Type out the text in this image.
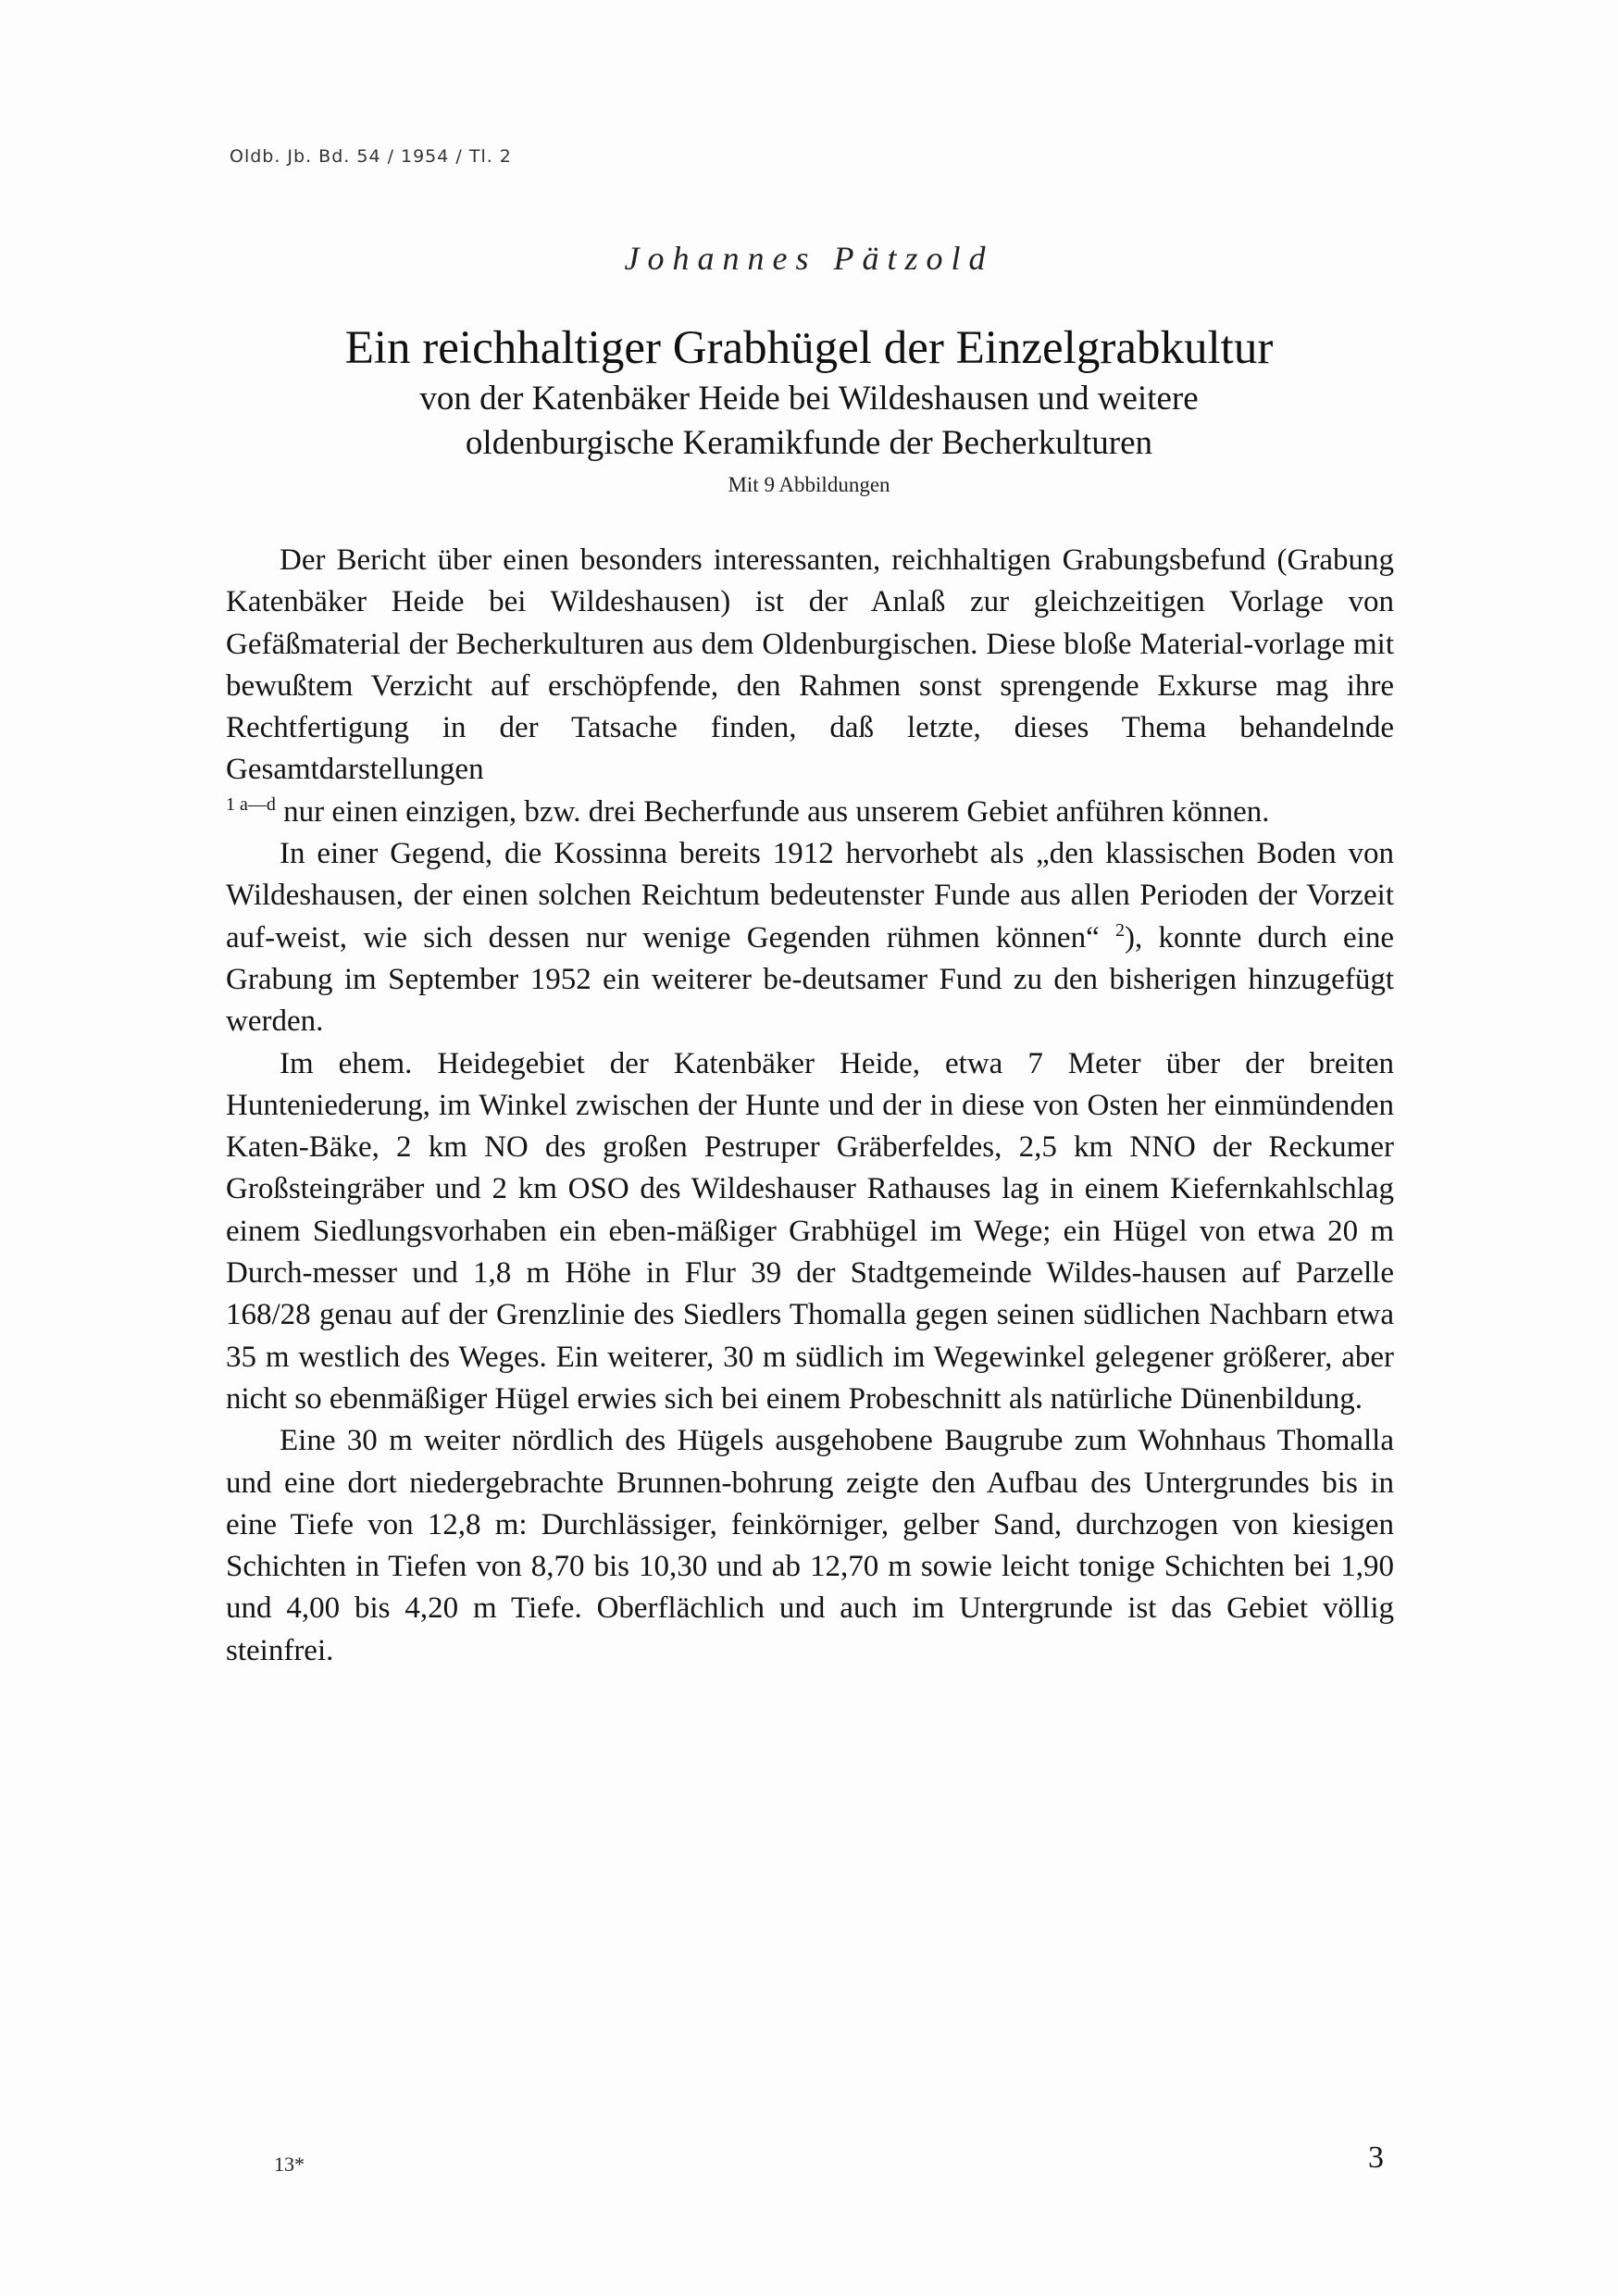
Oldb. Jb. Bd. 54 / 1954 / Tl. 2
Johannes Pätzold
Ein reichhaltiger Grabhügel der Einzelgrabkultur
von der Katenbäker Heide bei Wildeshausen und weitere
oldenburgische Keramikfunde der Becherkulturen
Mit 9 Abbildungen

Der Bericht über einen besonders interessanten, reichhaltigen Grabungsbefund (Grabung Katenbäker Heide bei Wildeshausen) ist der Anlaß zur gleichzeitigen Vorlage von Gefäßmaterial der Becherkulturen aus dem Oldenburgischen. Diese bloße Material-vorlage mit bewußtem Verzicht auf erschöpfende, den Rahmen sonst sprengende Exkurse mag ihre Rechtfertigung in der Tatsache finden, daß letzte, dieses Thema behandelnde Gesamtdarstellungen
$^{1 a—d}$ nur einen einzigen, bzw. drei Becherfunde aus unserem Gebiet anführen können.

In einer Gegend, die Kossinna bereits 1912 hervorhebt als „den klassischen Boden von Wildeshausen, der einen solchen Reichtum bedeutenster Funde aus allen Perioden der Vorzeit auf-weist, wie sich dessen nur wenige Gegenden rühmen können“ $^2$), konnte durch eine Grabung im September 1952 ein weiterer be-deutsamer Fund zu den bisherigen hinzugefügt werden.

Im ehem. Heidegebiet der Katenbäker Heide, etwa 7 Meter über der breiten Hunteniederung, im Winkel zwischen der Hunte und der in diese von Osten her einmündenden Katen-Bäke, 2 km NO des großen Pestruper Gräberfeldes, 2,5 km NNO der Reckumer Großsteingräber und 2 km OSO des Wildeshauser Rathauses lag in einem Kiefernkahlschlag einem Siedlungsvorhaben ein eben-mäßiger Grabhügel im Wege; ein Hügel von etwa 20 m Durch-messer und 1,8 m Höhe in Flur 39 der Stadtgemeinde Wildes-hausen auf Parzelle 168/28 genau auf der Grenzlinie des Siedlers Thomalla gegen seinen südlichen Nachbarn etwa 35 m westlich des Weges. Ein weiterer, 30 m südlich im Wegewinkel gelegener größerer, aber nicht so ebenmäßiger Hügel erwies sich bei einem Probeschnitt als natürliche Dünenbildung.

Eine 30 m weiter nördlich des Hügels ausgehobene Baugrube zum Wohnhaus Thomalla und eine dort niedergebrachte Brunnen-bohrung zeigte den Aufbau des Untergrundes bis in eine Tiefe von 12,8 m: Durchlässiger, feinkörniger, gelber Sand, durchzogen von kiesigen Schichten in Tiefen von 8,70 bis 10,30 und ab 12,70 m sowie leicht tonige Schichten bei 1,90 und 4,00 bis 4,20 m Tiefe. Oberflächlich und auch im Untergrunde ist das Gebiet völlig steinfrei.

13*	3
